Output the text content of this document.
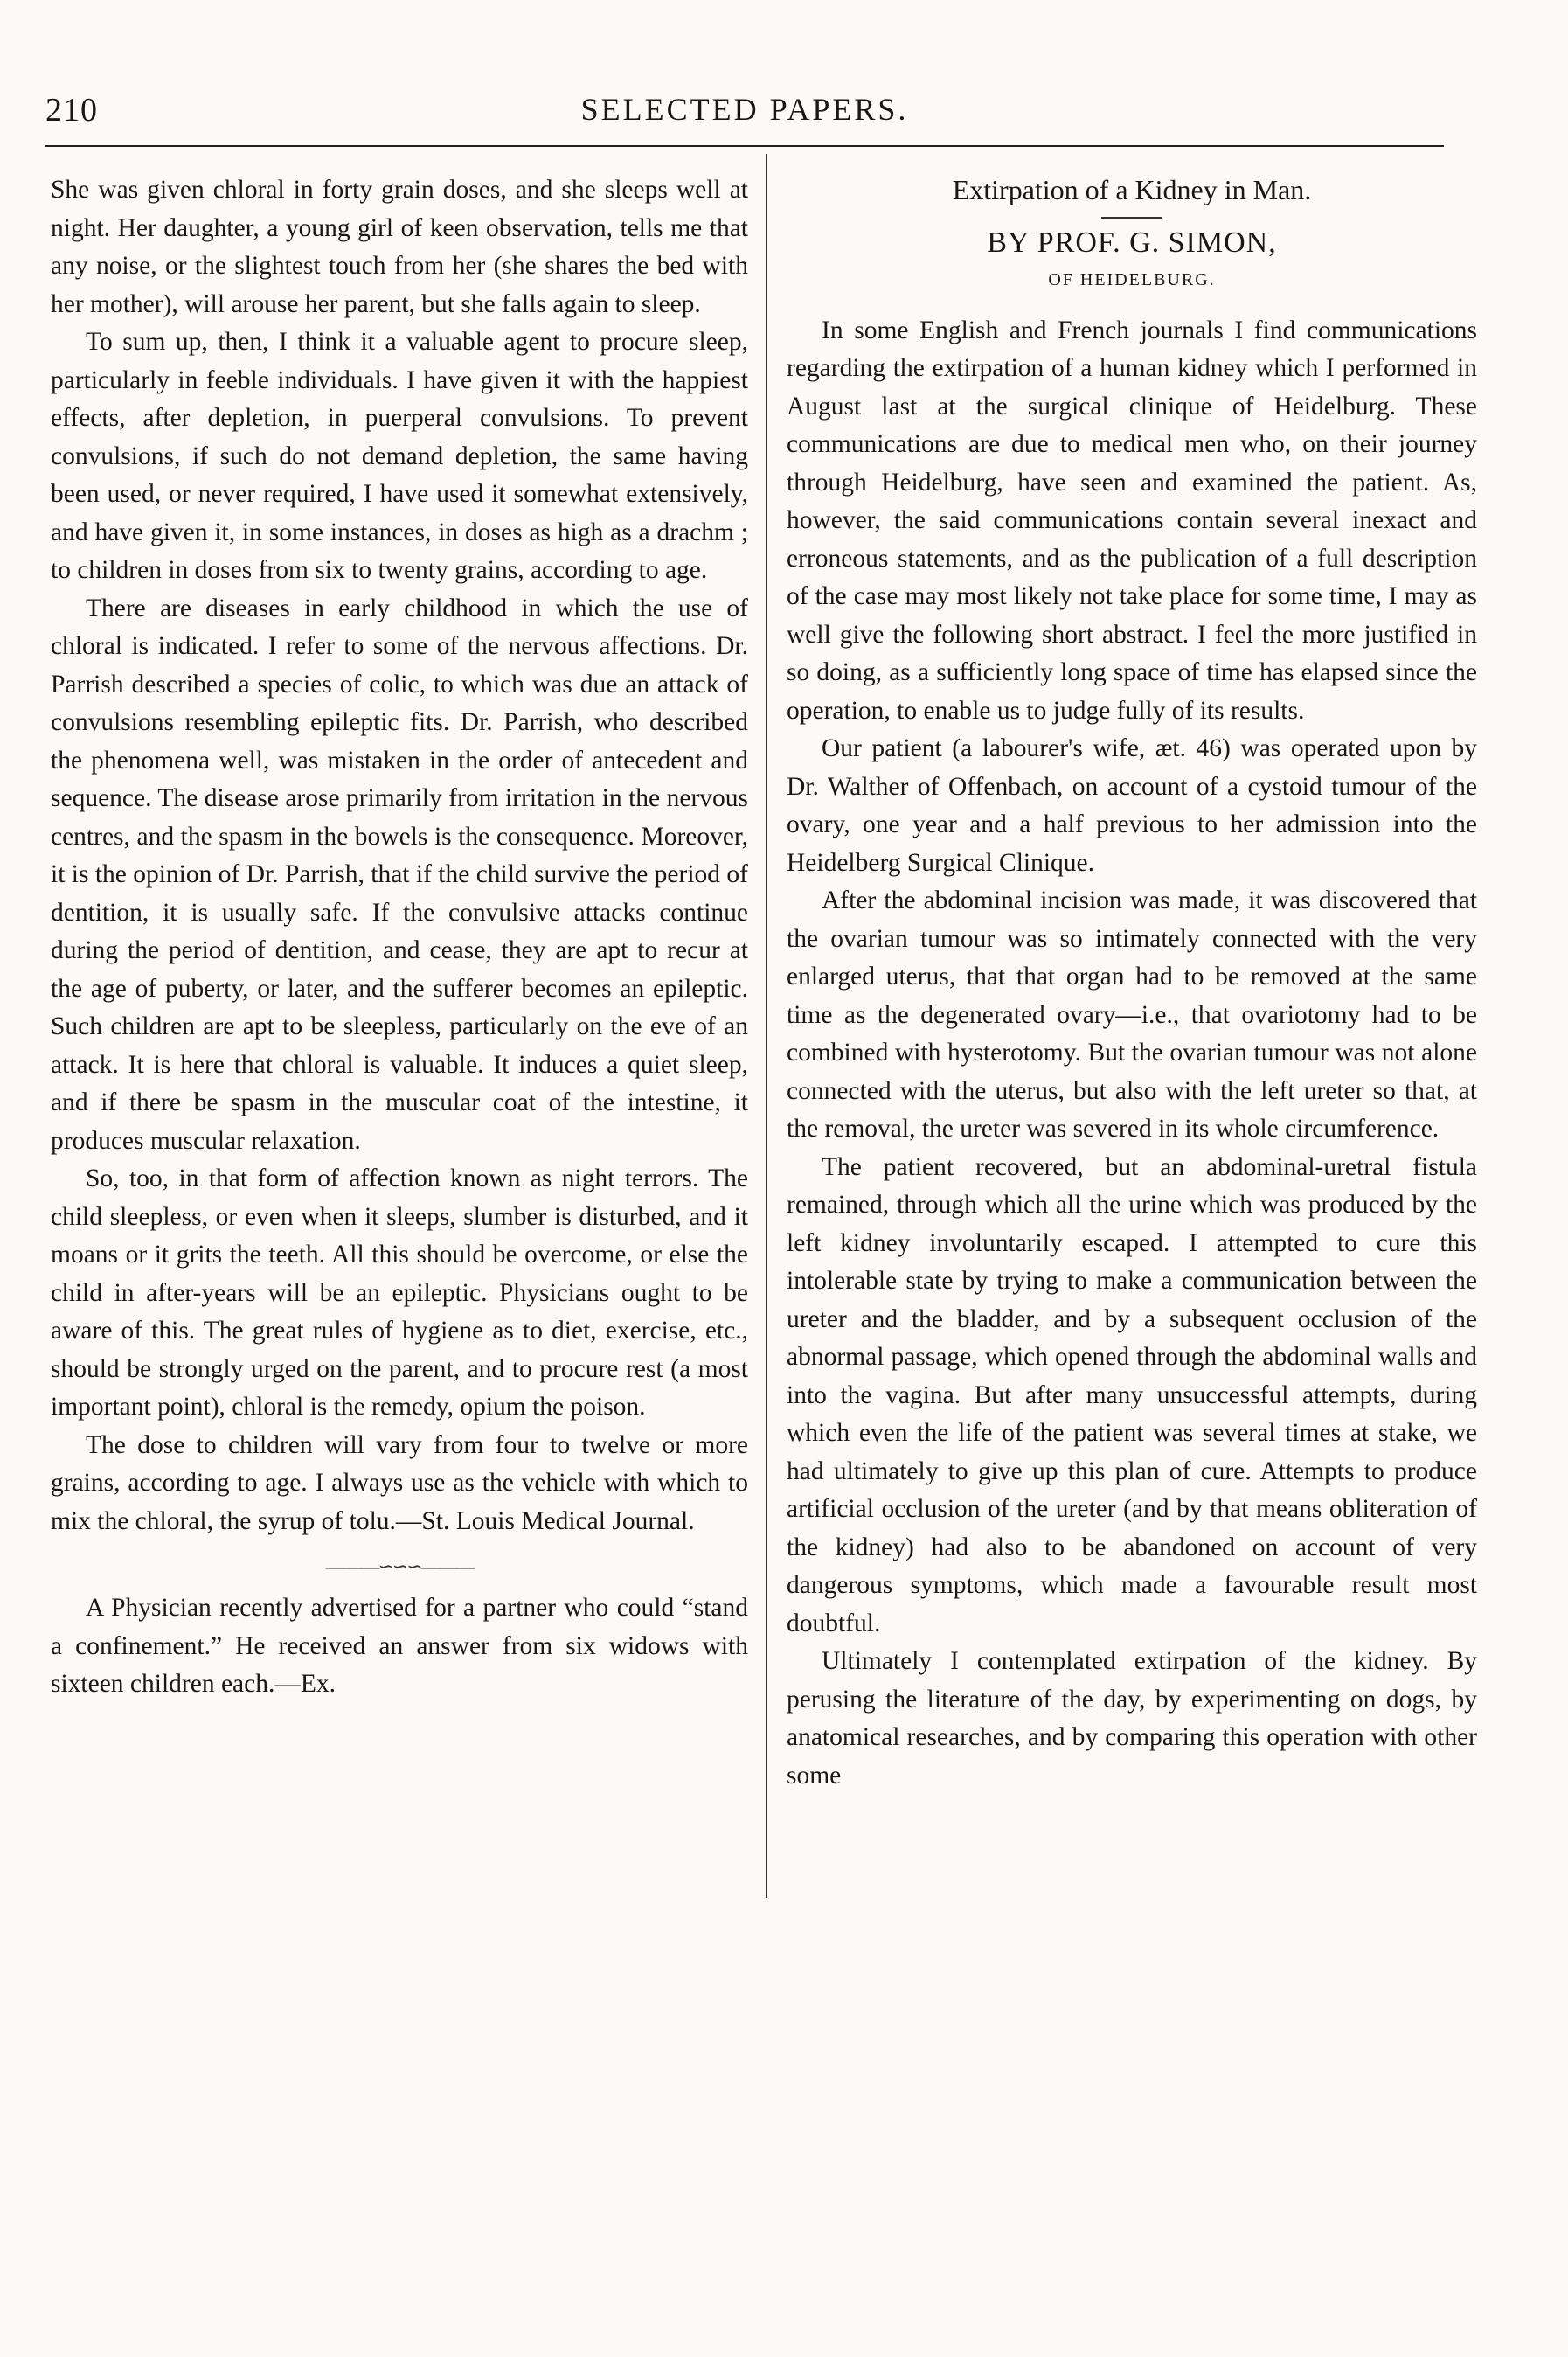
210	SELECTED PAPERS.

She was given chloral in forty grain doses, and she sleeps well at night. Her daughter, a young girl of keen observation, tells me that any noise, or the slightest touch from her (she shares the bed with her mother), will arouse her parent, but she falls again to sleep.

To sum up, then, I think it a valuable agent to procure sleep, particularly in feeble individuals. I have given it with the happiest effects, after depletion, in puerperal convulsions. To prevent convulsions, if such do not demand depletion, the same having been used, or never required, I have used it somewhat extensively, and have given it, in some instances, in doses as high as a drachm ; to children in doses from six to twenty grains, according to age.

There are diseases in early childhood in which the use of chloral is indicated. I refer to some of the nervous affections. Dr. Parrish described a species of colic, to which was due an attack of convulsions resembling epileptic fits. Dr. Parrish, who described the phenomena well, was mistaken in the order of antecedent and sequence. The disease arose primarily from irritation in the nervous centres, and the spasm in the bowels is the consequence. Moreover, it is the opinion of Dr. Parrish, that if the child survive the period of dentition, it is usually safe. If the convulsive attacks continue during the period of dentition, and cease, they are apt to recur at the age of puberty, or later, and the sufferer becomes an epileptic. Such children are apt to be sleepless, particularly on the eve of an attack. It is here that chloral is valuable. It induces a quiet sleep, and if there be spasm in the muscular coat of the intestine, it produces muscular relaxation.

So, too, in that form of affection known as night terrors. The child sleepless, or even when it sleeps, slumber is disturbed, and it moans or it grits the teeth. All this should be overcome, or else the child in after-years will be an epileptic. Physicians ought to be aware of this. The great rules of hygiene as to diet, exercise, etc., should be strongly urged on the parent, and to procure rest (a most important point), chloral is the remedy, opium the poison.

The dose to children will vary from four to twelve or more grains, according to age. I always use as the vehicle with which to mix the chloral, the syrup of tolu.—St. Louis Medical Journal.

———∽∽∽———

A Physician recently advertised for a partner who could “stand a confinement.” He received an answer from six widows with sixteen children each.—Ex.

Extirpation of a Kidney in Man.
BY PROF. G. SIMON,
OF HEIDELBURG.

In some English and French journals I find communications regarding the extirpation of a human kidney which I performed in August last at the surgical clinique of Heidelburg. These communications are due to medical men who, on their journey through Heidelburg, have seen and examined the patient. As, however, the said communications contain several inexact and erroneous statements, and as the publication of a full description of the case may most likely not take place for some time, I may as well give the following short abstract. I feel the more justified in so doing, as a sufficiently long space of time has elapsed since the operation, to enable us to judge fully of its results.

Our patient (a labourer's wife, æt. 46) was operated upon by Dr. Walther of Offenbach, on account of a cystoid tumour of the ovary, one year and a half previous to her admission into the Heidelberg Surgical Clinique.

After the abdominal incision was made, it was discovered that the ovarian tumour was so intimately connected with the very enlarged uterus, that that organ had to be removed at the same time as the degenerated ovary—i.e., that ovariotomy had to be combined with hysterotomy. But the ovarian tumour was not alone connected with the uterus, but also with the left ureter so that, at the removal, the ureter was severed in its whole circumference.

The patient recovered, but an abdominal-uretral fistula remained, through which all the urine which was produced by the left kidney involuntarily escaped. I attempted to cure this intolerable state by trying to make a communication between the ureter and the bladder, and by a subsequent occlusion of the abnormal passage, which opened through the abdominal walls and into the vagina. But after many unsuccessful attempts, during which even the life of the patient was several times at stake, we had ultimately to give up this plan of cure. Attempts to produce artificial occlusion of the ureter (and by that means obliteration of the kidney) had also to be abandoned on account of very dangerous symptoms, which made a favourable result most doubtful.

Ultimately I contemplated extirpation of the kidney. By perusing the literature of the day, by experimenting on dogs, by anatomical researches, and by comparing this operation with other some
